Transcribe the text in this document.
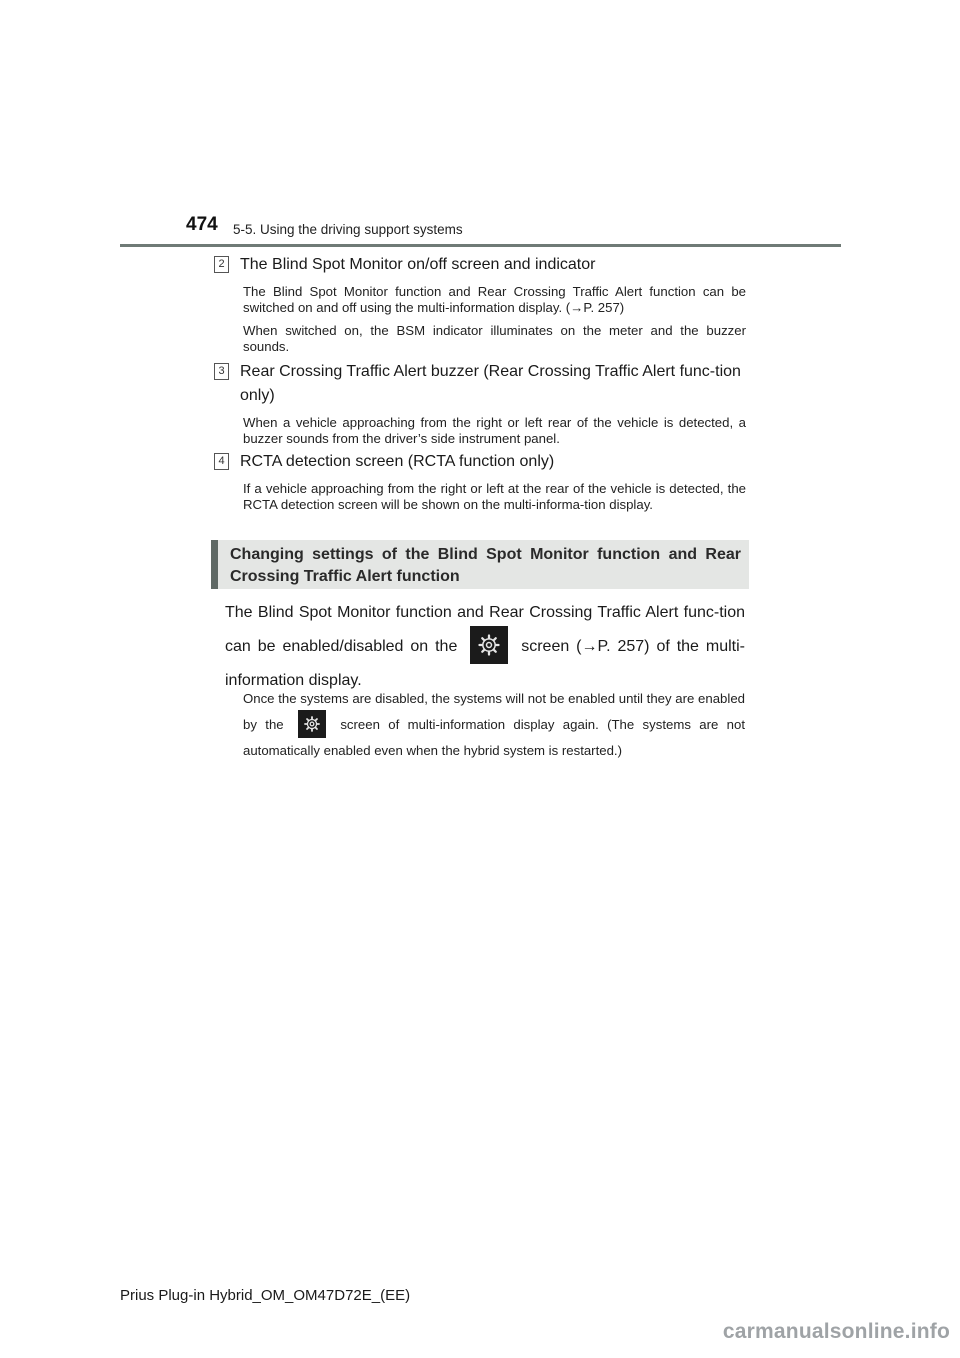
474 5-5. Using the driving support systems
2 The Blind Spot Monitor on/off screen and indicator

The Blind Spot Monitor function and Rear Crossing Traffic Alert function can be switched on and off using the multi-information display. (→P. 257)

When switched on, the BSM indicator illuminates on the meter and the buzzer sounds.

3 Rear Crossing Traffic Alert buzzer (Rear Crossing Traffic Alert func-tion only)

When a vehicle approaching from the right or left rear of the vehicle is detected, a buzzer sounds from the driver’s side instrument panel.

4 RCTA detection screen (RCTA function only)

If a vehicle approaching from the right or left at the rear of the vehicle is detected, the RCTA detection screen will be shown on the multi-informa-tion display.

Changing settings of the Blind Spot Monitor function and Rear Crossing Traffic Alert function
The Blind Spot Monitor function and Rear Crossing Traffic Alert func-tion can be enabled/disabled on the	screen (→P. 257) of the multi-information display.
Once the systems are disabled, the systems will not be enabled until they are enabled by the	screen of multi-information display again. (The systems are not automatically enabled even when the hybrid system is restarted.)
Prius Plug-in Hybrid_OM_OM47D72E_(EE)
carmanualsonline.info
